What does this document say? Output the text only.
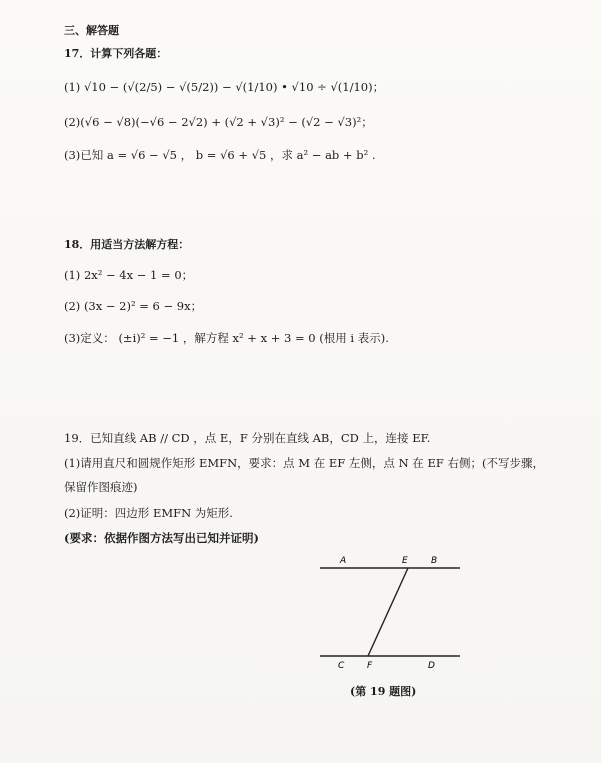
三、解答题
17．计算下列各题：
(1) √10 − (√(2/5) − √(5/2)) − √(1/10) • √10 ÷ √(1/10)；
(2)(√6 − √8)(−√6 − 2√2) + (√2 + √3)² − (√2 − √3)²；
(3)已知 a = √6 − √5 ， b = √6 + √5 ，求 a² − ab + b² .
18．用适当方法解方程：
(1) 2x² − 4x − 1 = 0；
(2) (3x − 2)² = 6 − 9x；
(3)定义： (±i)² = −1 ，解方程 x² + x + 3 = 0 (根用 i 表示).
19．已知直线 AB // CD ，点 E，F 分别在直线 AB，CD 上，连接 EF.
(1)请用直尺和圆规作矩形 EMFN，要求：点 M 在 EF 左侧，点 N 在 EF 右侧；(不写步骤，
保留作图痕迹)
(2)证明：四边形 EMFN 为矩形.
(要求：依据作图方法写出已知并证明)
A	E	B
C	F	D
(第 19 题图)
